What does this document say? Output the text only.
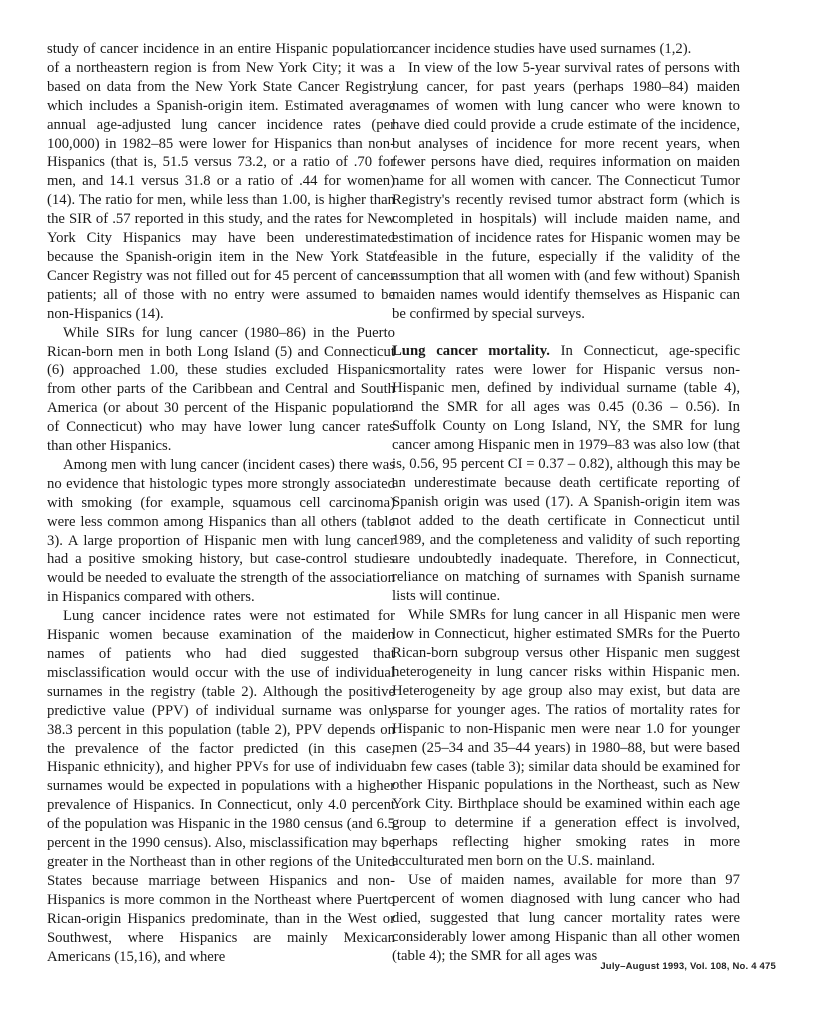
study of cancer incidence in an entire Hispanic population of a northeastern region is from New York City; it was a based on data from the New York State Cancer Registry which includes a Spanish-origin item. Estimated average annual age-adjusted lung cancer incidence rates (per 100,000) in 1982–85 were lower for Hispanics than non-Hispanics (that is, 51.5 versus 73.2, or a ratio of .70 for men, and 14.1 versus 31.8 or a ratio of .44 for women) (14). The ratio for men, while less than 1.00, is higher than the SIR of .57 reported in this study, and the rates for New York City Hispanics may have been underestimated because the Spanish-origin item in the New York State Cancer Registry was not filled out for 45 percent of cancer patients; all of those with no entry were assumed to be non-Hispanics (14).

While SIRs for lung cancer (1980–86) in the Puerto Rican-born men in both Long Island (5) and Connecticut (6) approached 1.00, these studies excluded Hispanics from other parts of the Caribbean and Central and South America (or about 30 percent of the Hispanic population of Connecticut) who may have lower lung cancer rates than other Hispanics.

Among men with lung cancer (incident cases) there was no evidence that histologic types more strongly associated with smoking (for example, squamous cell carcinoma) were less common among Hispanics than all others (table 3). A large proportion of Hispanic men with lung cancer had a positive smoking history, but case-control studies would be needed to evaluate the strength of the association in Hispanics compared with others.

Lung cancer incidence rates were not estimated for Hispanic women because examination of the maiden names of patients who had died suggested that misclassification would occur with the use of individual surnames in the registry (table 2). Although the positive predictive value (PPV) of individual surname was only 38.3 percent in this population (table 2), PPV depends on the prevalence of the factor predicted (in this case, Hispanic ethnicity), and higher PPVs for use of individual surnames would be expected in populations with a higher prevalence of Hispanics. In Connecticut, only 4.0 percent of the population was Hispanic in the 1980 census (and 6.5 percent in the 1990 census). Also, misclassification may be greater in the Northeast than in other regions of the United States because marriage between Hispanics and non-Hispanics is more common in the Northeast where Puerto Rican-origin Hispanics predominate, than in the West or Southwest, where Hispanics are mainly Mexican Americans (15,16), and where

cancer incidence studies have used surnames (1,2).

In view of the low 5-year survival rates of persons with lung cancer, for past years (perhaps 1980–84) maiden names of women with lung cancer who were known to have died could provide a crude estimate of the incidence, but analyses of incidence for more recent years, when fewer persons have died, requires information on maiden name for all women with cancer. The Connecticut Tumor Registry's recently revised tumor abstract form (which is completed in hospitals) will include maiden name, and estimation of incidence rates for Hispanic women may be feasible in the future, especially if the validity of the assumption that all women with (and few without) Spanish maiden names would identify themselves as Hispanic can be confirmed by special surveys.

Lung cancer mortality. In Connecticut, age-specific mortality rates were lower for Hispanic versus non-Hispanic men, defined by individual surname (table 4), and the SMR for all ages was 0.45 (0.36 – 0.56). In Suffolk County on Long Island, NY, the SMR for lung cancer among Hispanic men in 1979–83 was also low (that is, 0.56, 95 percent CI = 0.37 – 0.82), although this may be an underestimate because death certificate reporting of Spanish origin was used (17). A Spanish-origin item was not added to the death certificate in Connecticut until 1989, and the completeness and validity of such reporting are undoubtedly inadequate. Therefore, in Connecticut, reliance on matching of surnames with Spanish surname lists will continue.

While SMRs for lung cancer in all Hispanic men were low in Connecticut, higher estimated SMRs for the Puerto Rican-born subgroup versus other Hispanic men suggest heterogeneity in lung cancer risks within Hispanic men. Heterogeneity by age group also may exist, but data are sparse for younger ages. The ratios of mortality rates for Hispanic to non-Hispanic men were near 1.0 for younger men (25–34 and 35–44 years) in 1980–88, but were based on few cases (table 3); similar data should be examined for other Hispanic populations in the Northeast, such as New York City. Birthplace should be examined within each age group to determine if a generation effect is involved, perhaps reflecting higher smoking rates in more acculturated men born on the U.S. mainland.

Use of maiden names, available for more than 97 percent of women diagnosed with lung cancer who had died, suggested that lung cancer mortality rates were considerably lower among Hispanic than all other women (table 4); the SMR for all ages was

July–August 1993, Vol. 108, No. 4 475
